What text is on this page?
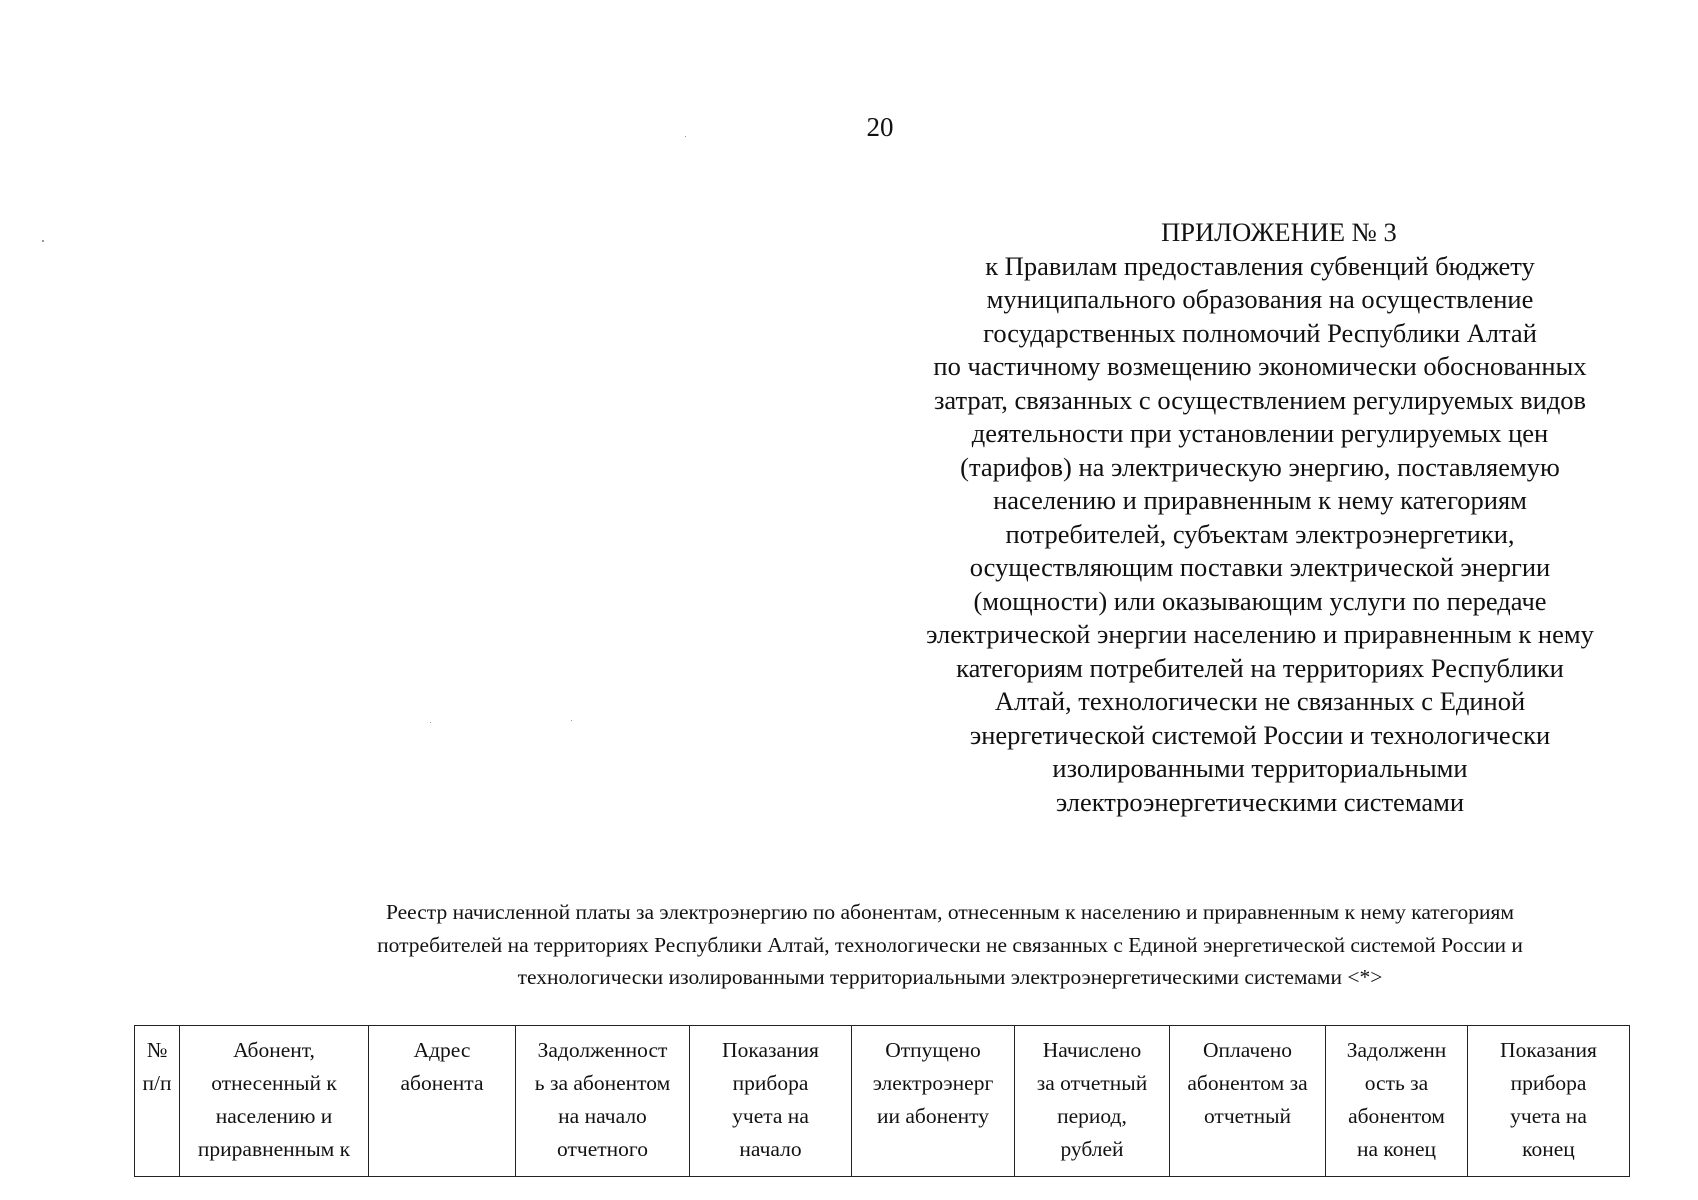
20
ПРИЛОЖЕНИЕ № 3
к Правилам предоставления субвенций бюджету
муниципального образования на осуществление
государственных полномочий Республики Алтай
по частичному возмещению экономически обоснованных
затрат, связанных с осуществлением регулируемых видов
деятельности при установлении регулируемых цен
(тарифов) на электрическую энергию, поставляемую
населению и приравненным к нему категориям
потребителей, субъектам электроэнергетики,
осуществляющим поставки электрической энергии
(мощности) или оказывающим услуги по передаче
электрической энергии населению и приравненным к нему
категориям потребителей на территориях Республики
Алтай, технологически не связанных с Единой
энергетической системой России и технологически
изолированными территориальными
электроэнергетическими системами
Реестр начисленной платы за электроэнергию по абонентам, отнесенным к населению и приравненным к нему категориям
потребителей на территориях Республики Алтай, технологически не связанных с Единой энергетической системой России и
технологически изолированными территориальными электроэнергетическими системами <*>
№
п/п

Абонент,
отнесенный к
населению и
приравненным к

Адрес
абонента

Задолженност
ь за абонентом
на начало
отчетного

Показания
прибора
учета на
начало

Отпущено
электроэнерг
ии абоненту

Начислено
за отчетный
период,
рублей

Оплачено
абонентом за
отчетный

Задолженн
ость за
абонентом
на конец

Показания
прибора
учета на
конец
